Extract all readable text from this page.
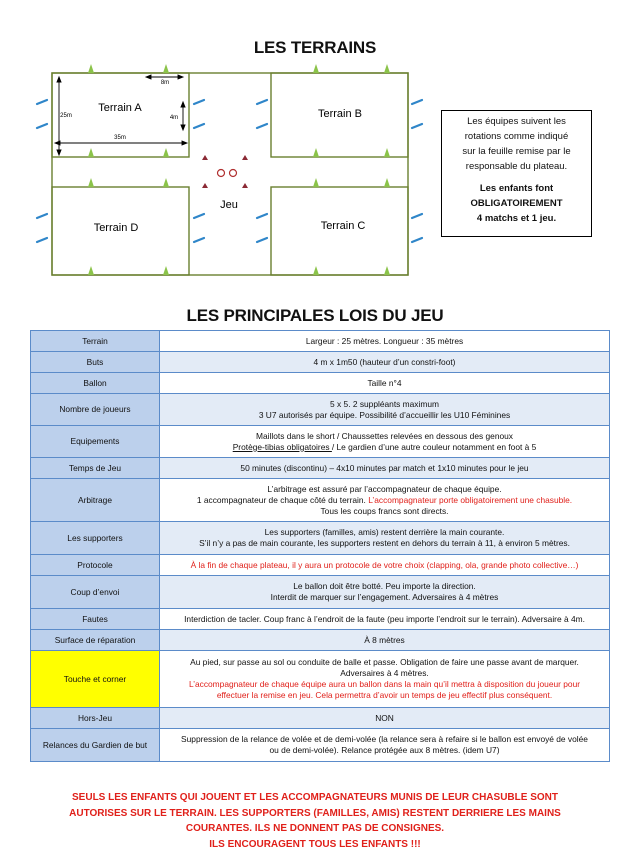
LES TERRAINS
Terrain A	Terrain B
Terrain D	Terrain C
Jeu
8m
4m
25m
35m
Les équipes suivent les
rotations comme indiqué
sur la feuille remise par le
responsable du plateau.
Les enfants font
OBLIGATOIREMENT
4 matchs et 1 jeu.
LES PRINCIPALES LOIS DU JEU
Terrain	Largeur : 25 mètres. Longueur : 35 mètres
Buts	4 m x 1m50 (hauteur d’un constri-foot)
Ballon	Taille n°4
Nombre de joueurs	5 x 5. 2 suppléants maximum
3 U7 autorisés par équipe. Possibilité d’accueillir les U10 Féminines

Equipements	Maillots dans le short / Chaussettes relevées en dessous des genoux
Protège-tibias obligatoires / Le gardien d’une autre couleur notamment en foot à 5

Temps de Jeu	50 minutes (discontinu) – 4x10 minutes par match et 1x10 minutes pour le jeu
Arbitrage	L’arbitrage est assuré par l’accompagnateur de chaque équipe.
1 accompagnateur de chaque côté du terrain. L’accompagnateur porte obligatoirement une chasuble.
Tous les coups francs sont directs.

Les supporters	Les supporters (familles, amis) restent derrière la main courante.
S’il n’y a pas de main courante, les supporters restent en dehors du terrain à 11, à environ 5 mètres.

Protocole	À la fin de chaque plateau, il y aura un protocole de votre choix (clapping, ola, grande photo collective…)
Coup d’envoi	Le ballon doit être botté. Peu importe la direction.
Interdit de marquer sur l’engagement. Adversaires à 4 mètres

Fautes	Interdiction de tacler. Coup franc à l’endroit de la faute (peu importe l’endroit sur le terrain). Adversaire à 4m.
Surface de réparation	À 8 mètres
Touche et corner	Au pied, sur passe au sol ou conduite de balle et passe. Obligation de faire une passe avant de marquer.
Adversaires à 4 mètres.
L’accompagnateur de chaque équipe aura un ballon dans la main qu’il mettra à disposition du joueur pour
effectuer la remise en jeu. Cela permettra d’avoir un temps de jeu effectif plus conséquent.

Hors-Jeu	NON
Relances du Gardien de but	Suppression de la relance de volée et de demi-volée (la relance sera à refaire si le ballon est envoyé de volée
ou de demi-volée). Relance protégée aux 8 mètres. (idem U7)
SEULS LES ENFANTS QUI JOUENT ET LES ACCOMPAGNATEURS MUNIS DE LEUR CHASUBLE SONT
AUTORISES SUR LE TERRAIN. LES SUPPORTERS (FAMILLES, AMIS) RESTENT DERRIERE LES MAINS
COURANTES. ILS NE DONNENT PAS DE CONSIGNES.
ILS ENCOURAGENT TOUS LES ENFANTS !!!
